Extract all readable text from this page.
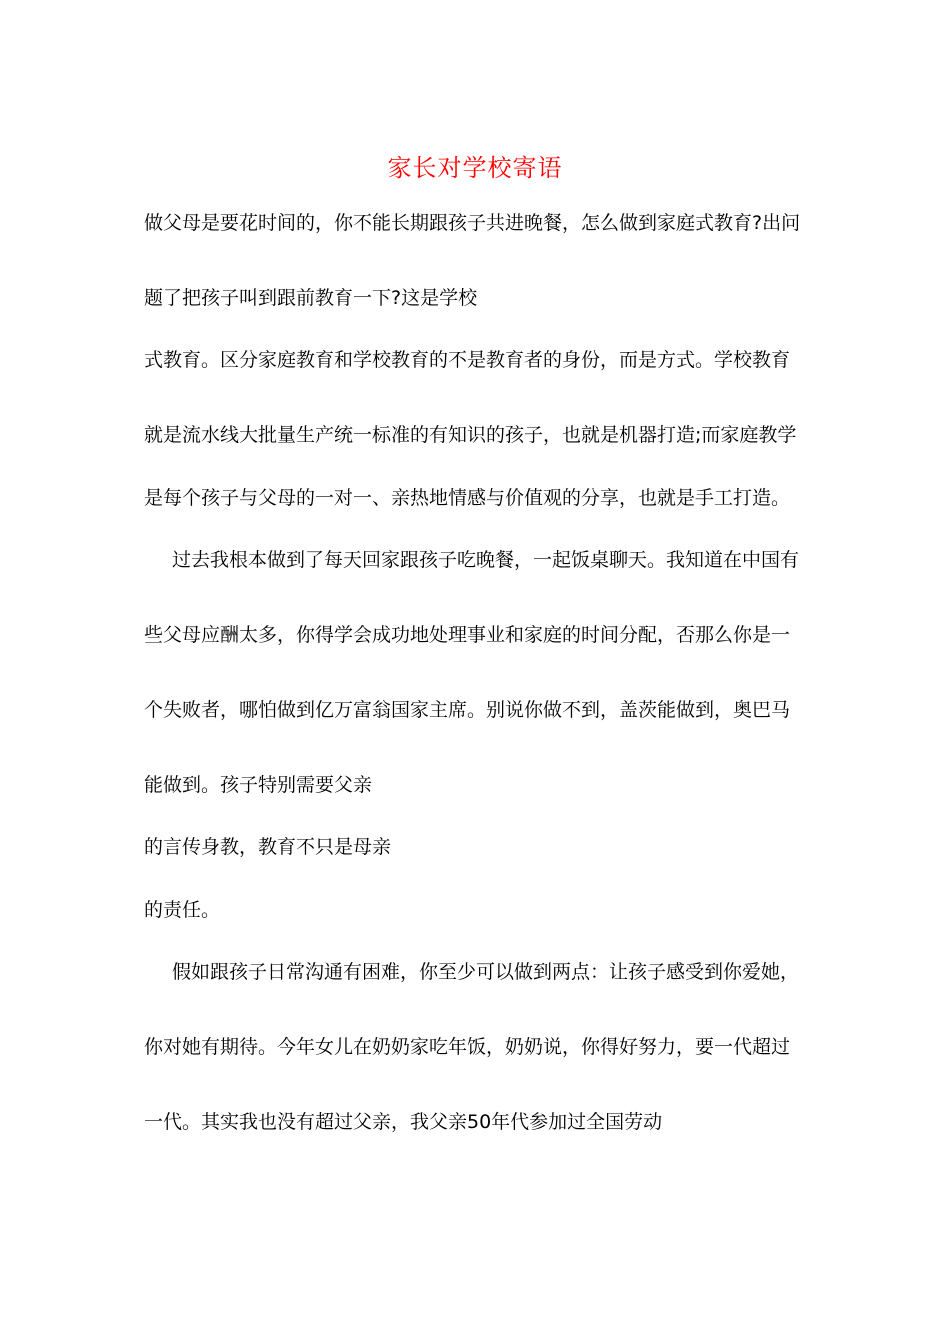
家长对学校寄语
做父母是要花时间的，你不能长期跟孩子共进晚餐，怎么做到家庭式教育?出问
题了把孩子叫到跟前教育一下?这是学校
式教育。区分家庭教育和学校教育的不是教育者的身份，而是方式。学校教育
就是流水线大批量生产统一标准的有知识的孩子，也就是机器打造;而家庭教学
是每个孩子与父母的一对一、亲热地情感与价值观的分享，也就是手工打造。
过去我根本做到了每天回家跟孩子吃晚餐，一起饭桌聊天。我知道在中国有
些父母应酬太多，你得学会成功地处理事业和家庭的时间分配，否那么你是一
个失败者，哪怕做到亿万富翁国家主席。别说你做不到，盖茨能做到，奥巴马
能做到。孩子特别需要父亲
的言传身教，教育不只是母亲
的责任。
假如跟孩子日常沟通有困难，你至少可以做到两点：让孩子感受到你爱她，
你对她有期待。今年女儿在奶奶家吃年饭，奶奶说，你得好努力，要一代超过
一代。其实我也没有超过父亲，我父亲50年代参加过全国劳动
